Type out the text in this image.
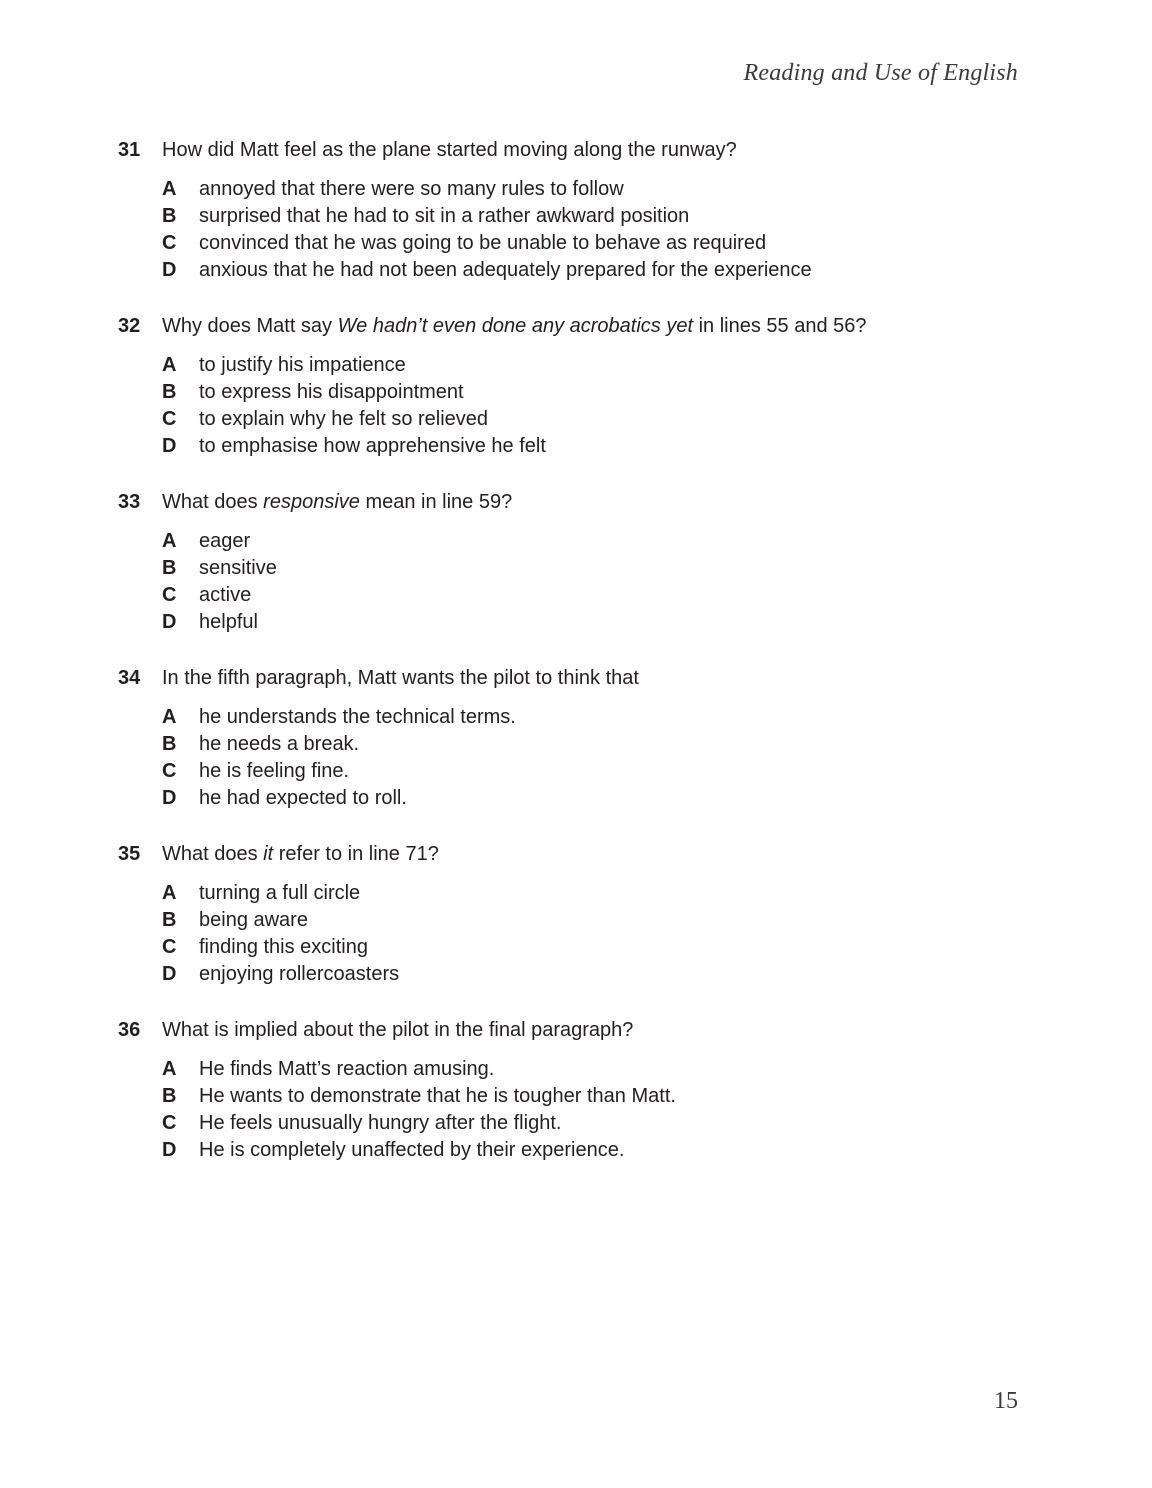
Reading and Use of English
31 How did Matt feel as the plane started moving along the runway?
A annoyed that there were so many rules to follow
B surprised that he had to sit in a rather awkward position
C convinced that he was going to be unable to behave as required
D anxious that he had not been adequately prepared for the experience
32 Why does Matt say We hadn’t even done any acrobatics yet in lines 55 and 56?
A to justify his impatience
B to express his disappointment
C to explain why he felt so relieved
D to emphasise how apprehensive he felt
33 What does responsive mean in line 59?
A eager
B sensitive
C active
D helpful
34 In the fifth paragraph, Matt wants the pilot to think that
A he understands the technical terms.
B he needs a break.
C he is feeling fine.
D he had expected to roll.
35 What does it refer to in line 71?
A turning a full circle
B being aware
C finding this exciting
D enjoying rollercoasters
36 What is implied about the pilot in the final paragraph?
A He finds Matt’s reaction amusing.
B He wants to demonstrate that he is tougher than Matt.
C He feels unusually hungry after the flight.
D He is completely unaffected by their experience.
15
